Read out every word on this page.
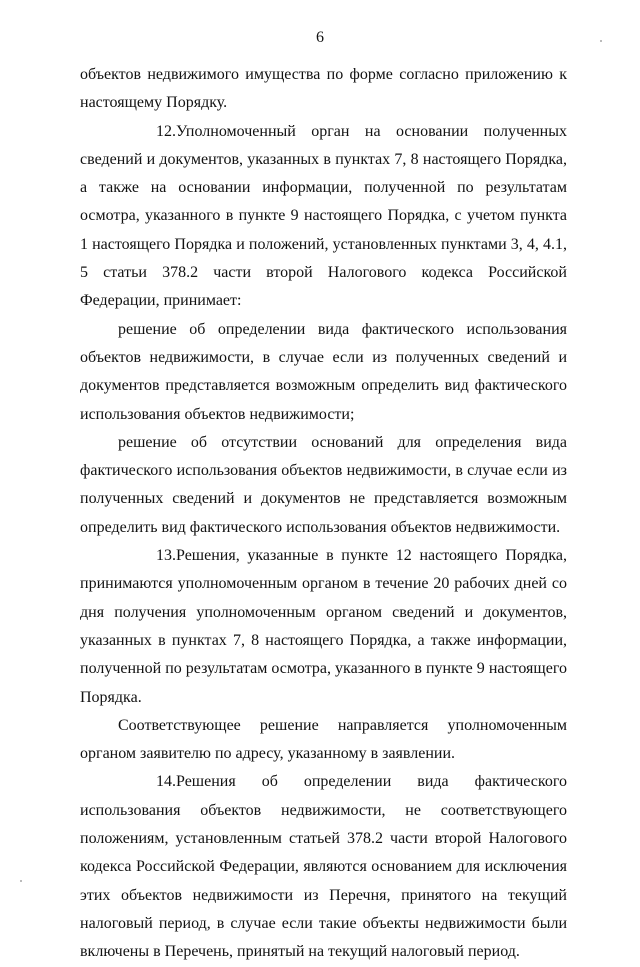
6

объектов недвижимого имущества по форме согласно приложению к настоящему Порядку.

12.Уполномоченный орган на основании полученных сведений и документов, указанных в пунктах 7, 8 настоящего Порядка, а также на основании информации, полученной по результатам осмотра, указанного в пункте 9 настоящего Порядка, с учетом пункта 1 настоящего Порядка и положений, установленных пунктами 3, 4, 4.1, 5 статьи 378.2 части второй Налогового кодекса Российской Федерации, принимает:

решение об определении вида фактического использования объектов недвижимости, в случае если из полученных сведений и документов представляется возможным определить вид фактического использования объектов недвижимости;

решение об отсутствии оснований для определения вида фактического использования объектов недвижимости, в случае если из полученных сведений и документов не представляется возможным определить вид фактического использования объектов недвижимости.

13.Решения, указанные в пункте 12 настоящего Порядка, принимаются уполномоченным органом в течение 20 рабочих дней со дня получения уполномоченным органом сведений и документов, указанных в пунктах 7, 8 настоящего Порядка, а также информации, полученной по результатам осмотра, указанного в пункте 9 настоящего Порядка.

Соответствующее решение направляется уполномоченным органом заявителю по адресу, указанному в заявлении.

14.Решения об определении вида фактического использования объектов недвижимости, не соответствующего положениям, установленным статьей 378.2 части второй Налогового кодекса Российской Федерации, являются основанием для исключения этих объектов недвижимости из Перечня, принятого на текущий налоговый период, в случае если такие объекты недвижимости были включены в Перечень, принятый на текущий налоговый период.
